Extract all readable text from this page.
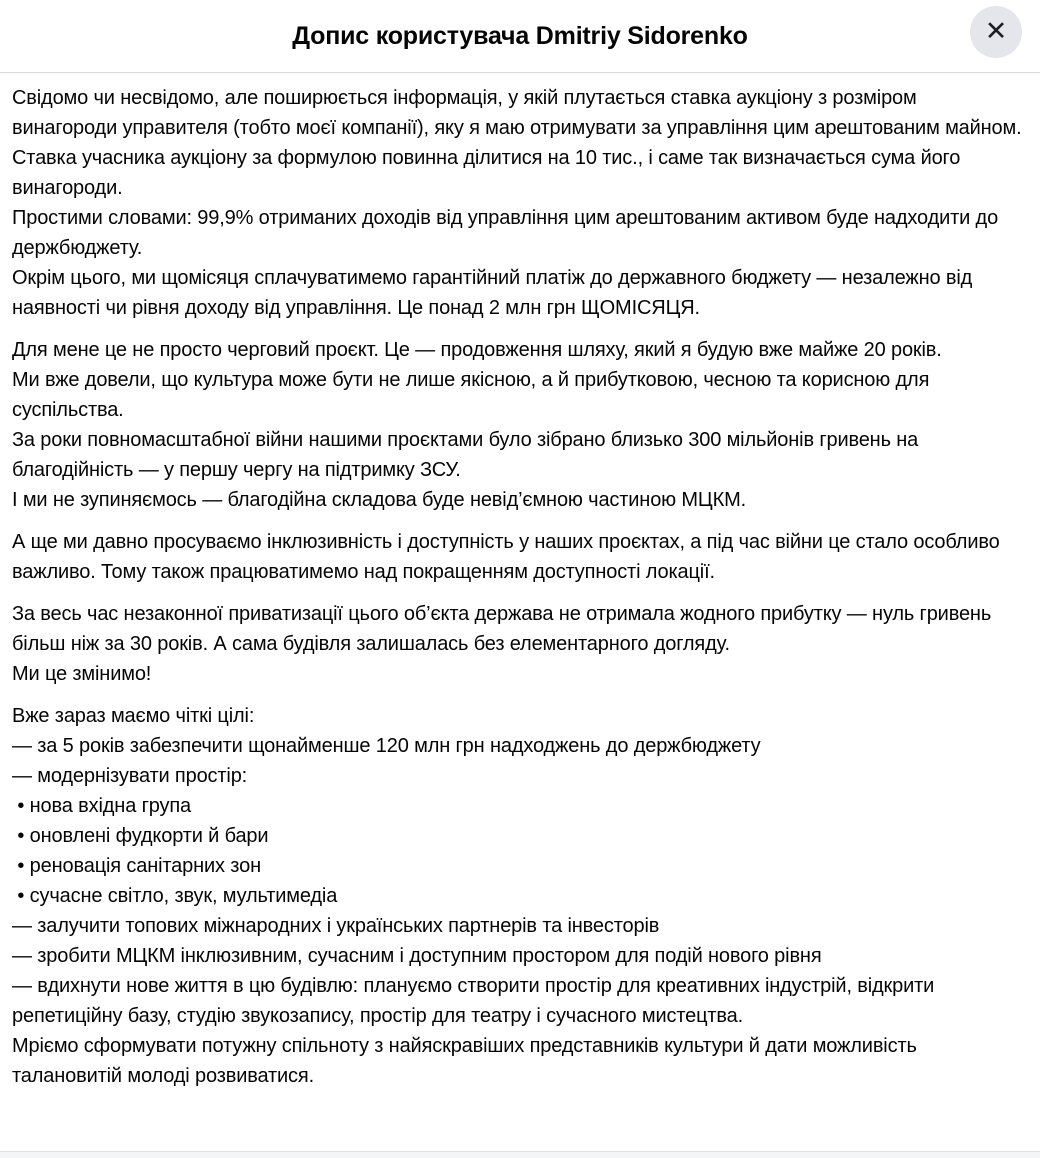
Допис користувача Dmitriy Sidorenko	✕

Свідомо чи несвідомо, але поширюється інформація, у якій плутається ставка аукціону з розміром винагороди управителя (тобто моєї компанії), яку я маю отримувати за управління цим арештованим майном.
Ставка учасника аукціону за формулою повинна ділитися на 10 тис., і саме так визначається сума його винагороди.
Простими словами: 99,9% отриманих доходів від управління цим арештованим активом буде надходити до держбюджету.
Окрім цього, ми щомісяця сплачуватимемо гарантійний платіж до державного бюджету — незалежно від наявності чи рівня доходу від управління. Це понад 2 млн грн ЩОМІСЯЦЯ.

Для мене це не просто черговий проєкт. Це — продовження шляху, який я будую вже майже 20 років.
Ми вже довели, що культура може бути не лише якісною, а й прибутковою, чесною та корисною для суспільства.
За роки повномасштабної війни нашими проєктами було зібрано близько 300 мільйонів гривень на благодійність — у першу чергу на підтримку ЗСУ.
І ми не зупиняємось — благодійна складова буде невід’ємною частиною МЦКМ.

А ще ми давно просуваємо інклюзивність і доступність у наших проєктах, а під час війни це стало особливо важливо. Тому також працюватимемо над покращенням доступності локації.

За весь час незаконної приватизації цього об’єкта держава не отримала жодного прибутку — нуль гривень більш ніж за 30 років. А сама будівля залишалась без елементарного догляду.
Ми це змінимо!

Вже зараз маємо чіткі цілі:
— за 5 років забезпечити щонайменше 120 млн грн надходжень до держбюджету
— модернізувати простір:
• нова вхідна група
• оновлені фудкорти й бари
• реновація санітарних зон
• сучасне світло, звук, мультимедіа
— залучити топових міжнародних і українських партнерів та інвесторів
— зробити МЦКМ інклюзивним, сучасним і доступним простором для подій нового рівня
— вдихнути нове життя в цю будівлю: плануємо створити простір для креативних індустрій, відкрити репетиційну базу, студію звукозапису, простір для театру і сучасного мистецтва.
Мріємо сформувати потужну спільноту з найяскравіших представників культури й дати можливість талановитій молоді розвиватися.
